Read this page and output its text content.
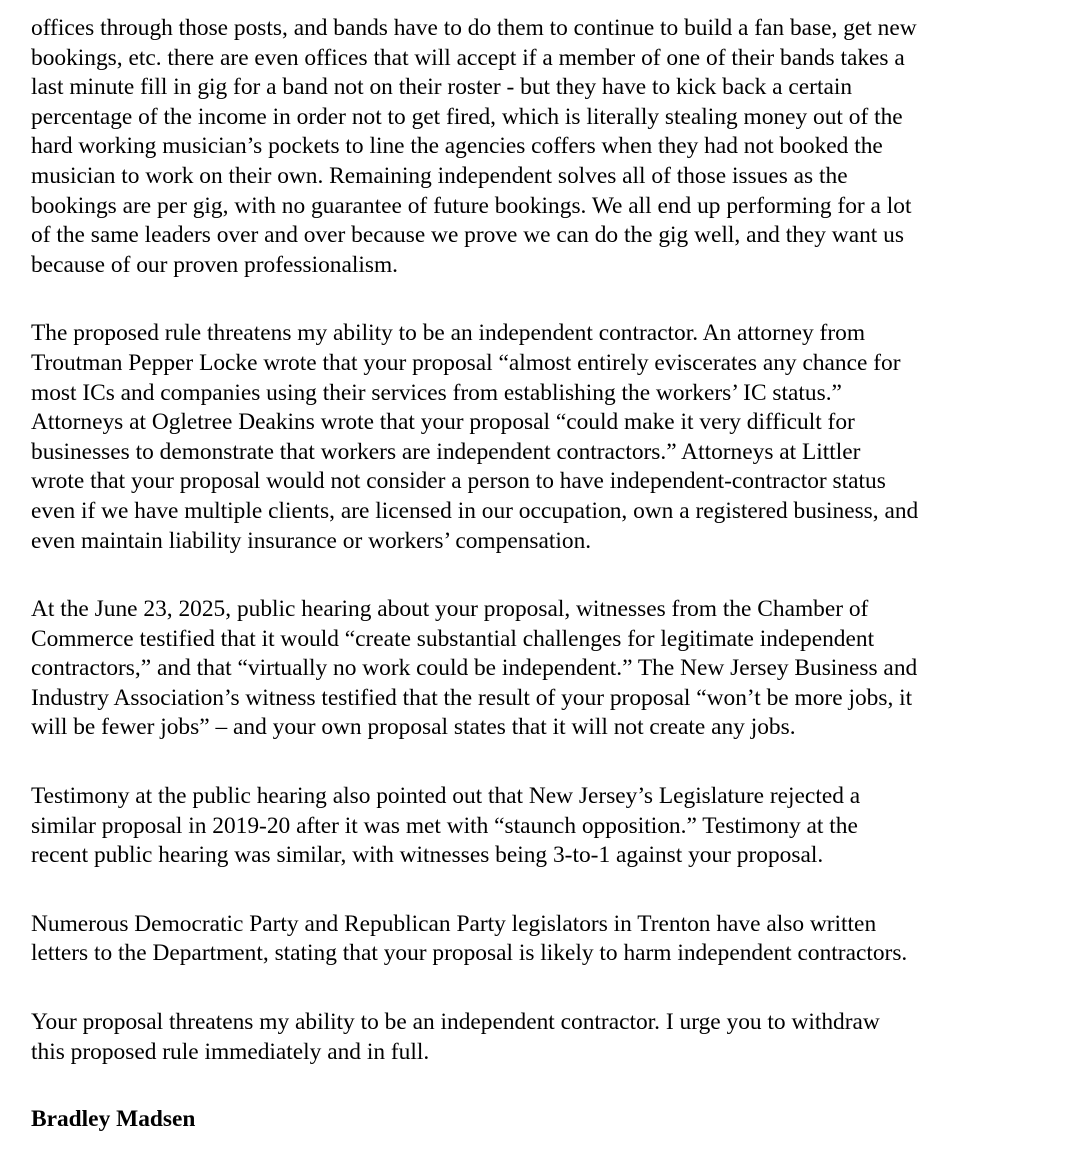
offices through those posts, and bands have to do them to continue to build a fan base, get new
bookings, etc. there are even offices that will accept if a member of one of their bands takes a
last minute fill in gig for a band not on their roster - but they have to kick back a certain
percentage of the income in order not to get fired, which is literally stealing money out of the
hard working musician’s pockets to line the agencies coffers when they had not booked the
musician to work on their own. Remaining independent solves all of those issues as the
bookings are per gig, with no guarantee of future bookings. We all end up performing for a lot
of the same leaders over and over because we prove we can do the gig well, and they want us
because of our proven professionalism.

The proposed rule threatens my ability to be an independent contractor. An attorney from
Troutman Pepper Locke wrote that your proposal “almost entirely eviscerates any chance for
most ICs and companies using their services from establishing the workers’ IC status.”
Attorneys at Ogletree Deakins wrote that your proposal “could make it very difficult for
businesses to demonstrate that workers are independent contractors.” Attorneys at Littler
wrote that your proposal would not consider a person to have independent-contractor status
even if we have multiple clients, are licensed in our occupation, own a registered business, and
even maintain liability insurance or workers’ compensation.

At the June 23, 2025, public hearing about your proposal, witnesses from the Chamber of
Commerce testified that it would “create substantial challenges for legitimate independent
contractors,” and that “virtually no work could be independent.” The New Jersey Business and
Industry Association’s witness testified that the result of your proposal “won’t be more jobs, it
will be fewer jobs” – and your own proposal states that it will not create any jobs.

Testimony at the public hearing also pointed out that New Jersey’s Legislature rejected a
similar proposal in 2019-20 after it was met with “staunch opposition.” Testimony at the
recent public hearing was similar, with witnesses being 3-to-1 against your proposal.

Numerous Democratic Party and Republican Party legislators in Trenton have also written
letters to the Department, stating that your proposal is likely to harm independent contractors.

Your proposal threatens my ability to be an independent contractor. I urge you to withdraw
this proposed rule immediately and in full.

Bradley Madsen
